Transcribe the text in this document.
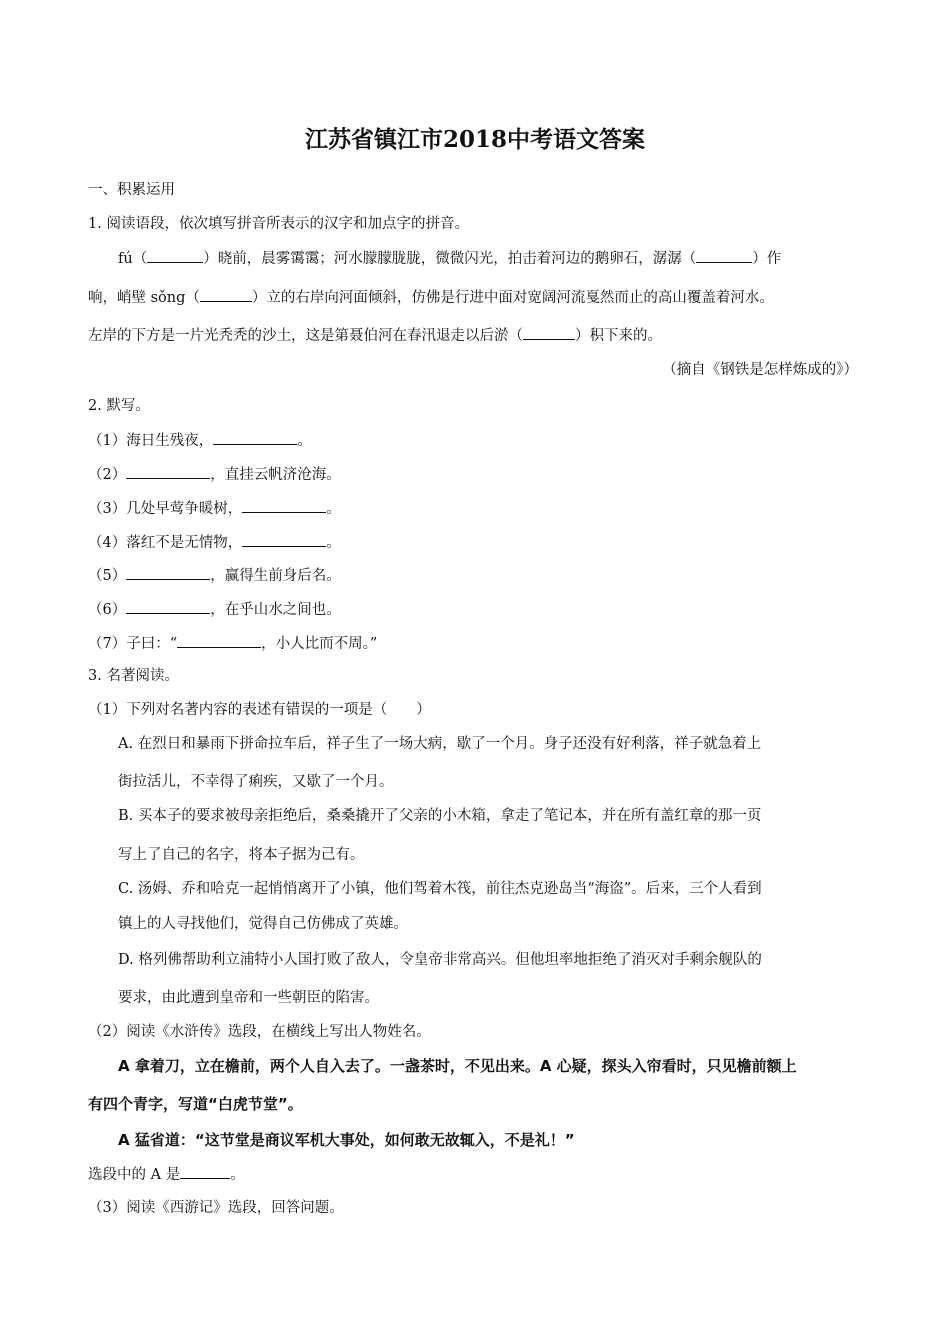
江苏省镇江市2018中考语文答案
一、积累运用
1. 阅读语段，依次填写拼音所表示的汉字和加点字的拼音。
fú（	）晓前，晨雾霭霭；河水朦朦胧胧，微微闪光，拍击着河边的鹅卵石，潺潺（	）作
响，峭壁 sǒng（	）立的右岸向河面倾斜，仿佛是行进中面对宽阔河流戛然而止的高山覆盖着河水。
左岸的下方是一片光秃秃的沙土，这是第聂伯河在春汛退走以后淤（	）积下来的。
（摘自《钢铁是怎样炼成的》）
2. 默写。
（1）海日生残夜，	。
（2）	，直挂云帆济沧海。
（3）几处早莺争暖树，	。
（4）落红不是无情物，	。
（5）	，赢得生前身后名。
（6）	，在乎山水之间也。
（7）子曰：“	，小人比而不周。”
3. 名著阅读。
（1）下列对名著内容的表述有错误的一项是（　　）
A. 在烈日和暴雨下拼命拉车后，祥子生了一场大病，歇了一个月。身子还没有好利落，祥子就急着上
街拉活儿，不幸得了痢疾，又歇了一个月。
B. 买本子的要求被母亲拒绝后，桑桑撬开了父亲的小木箱，拿走了笔记本，并在所有盖红章的那一页
写上了自己的名字，将本子据为己有。
C. 汤姆、乔和哈克一起悄悄离开了小镇，他们驾着木筏，前往杰克逊岛当“海盗”。后来，三个人看到
镇上的人寻找他们，觉得自己仿佛成了英雄。
D. 格列佛帮助利立浦特小人国打败了敌人，令皇帝非常高兴。但他坦率地拒绝了消灭对手剩余舰队的
要求，由此遭到皇帝和一些朝臣的陷害。
（2）阅读《水浒传》选段，在横线上写出人物姓名。
A 拿着刀，立在檐前，两个人自入去了。一盏茶时，不见出来。A 心疑，探头入帘看时，只见檐前额上
有四个青字，写道“白虎节堂”。
A 猛省道：“这节堂是商议军机大事处，如何敢无故辄入，不是礼！”
选段中的 A 是	。
（3）阅读《西游记》选段，回答问题。
